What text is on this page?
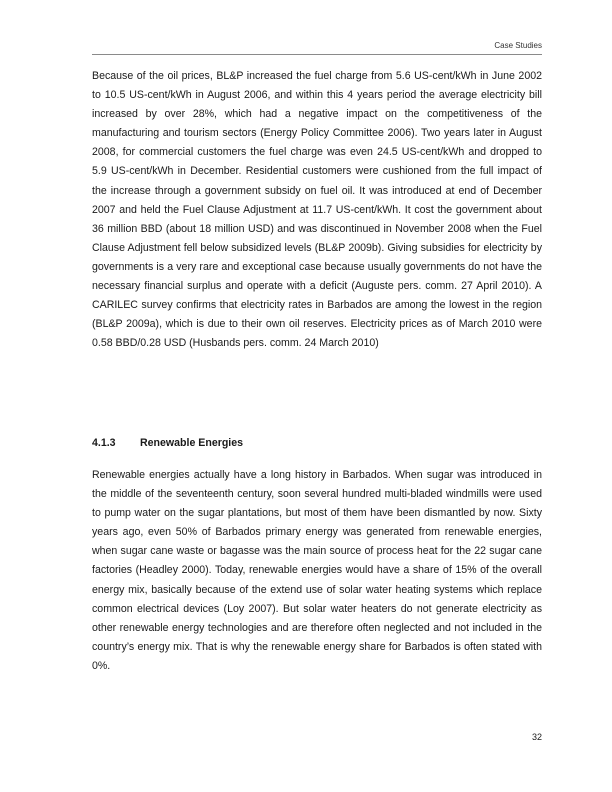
Case Studies

Because of the oil prices, BL&P increased the fuel charge from 5.6 US-cent/kWh in June 2002 to 10.5 US-cent/kWh in August 2006, and within this 4 years period the average electricity bill increased by over 28%, which had a negative impact on the competitiveness of the manufacturing and tourism sectors (Energy Policy Committee 2006). Two years later in August 2008, for commercial customers the fuel charge was even 24.5 US-cent/kWh and dropped to 5.9 US-cent/kWh in December. Residential customers were cushioned from the full impact of the increase through a government subsidy on fuel oil. It was introduced at end of December 2007 and held the Fuel Clause Adjustment at 11.7 US-cent/kWh. It cost the government about 36 million BBD (about 18 million USD) and was discontinued in November 2008 when the Fuel Clause Adjustment fell below subsidized levels (BL&P 2009b). Giving subsidies for electricity by governments is a very rare and exceptional case because usually governments do not have the necessary financial surplus and operate with a deficit (Auguste pers. comm. 27 April 2010). A CARILEC survey confirms that electricity rates in Barbados are among the lowest in the region (BL&P 2009a), which is due to their own oil reserves. Electricity prices as of March 2010 were 0.58 BBD/0.28 USD (Husbands pers. comm. 24 March 2010)

4.1.3 Renewable Energies

Renewable energies actually have a long history in Barbados. When sugar was introduced in the middle of the seventeenth century, soon several hundred multi-bladed windmills were used to pump water on the sugar plantations, but most of them have been dismantled by now. Sixty years ago, even 50% of Barbados primary energy was generated from renewable energies, when sugar cane waste or bagasse was the main source of process heat for the 22 sugar cane factories (Headley 2000). Today, renewable energies would have a share of 15% of the overall energy mix, basically because of the extend use of solar water heating systems which replace common electrical devices (Loy 2007). But solar water heaters do not generate electricity as other renewable energy technologies and are therefore often neglected and not included in the country’s energy mix. That is why the renewable energy share for Barbados is often stated with 0%.

32
